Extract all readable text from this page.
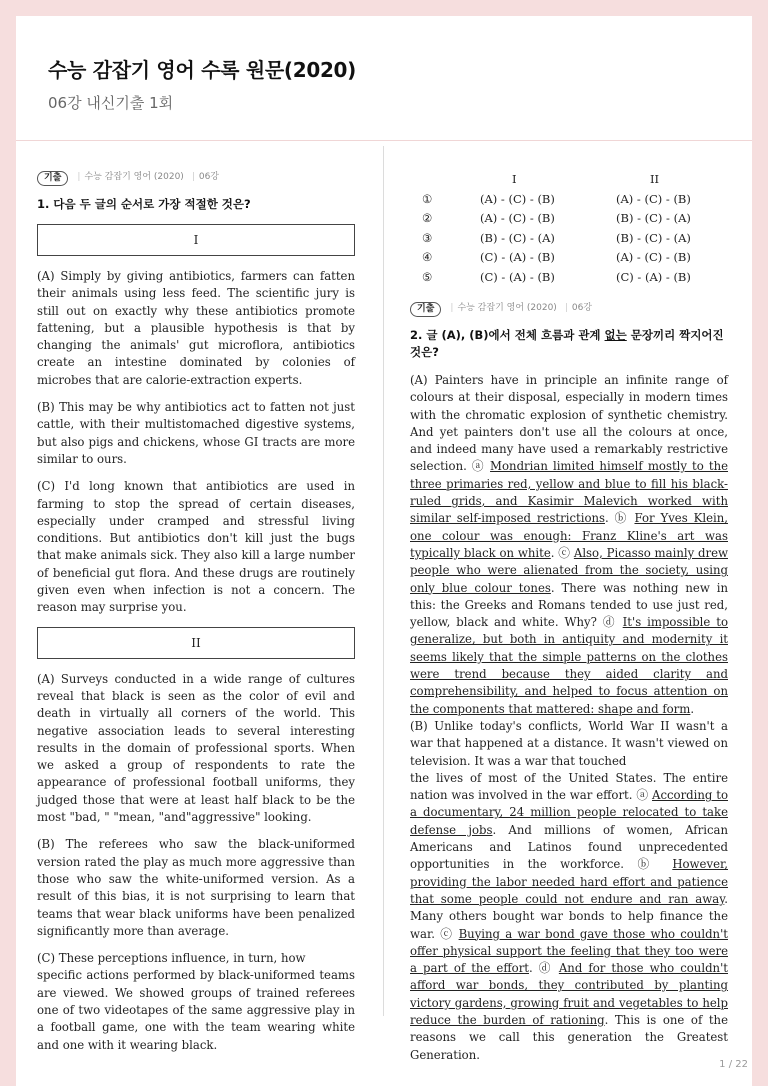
수능 감잡기 영어 수록 원문(2020)
06강 내신기출 1회
기출	| 수능 감잡기 영어 (2020) | 06강
1. 다음 두 글의 순서로 가장 적절한 것은?
I

(A) Simply by giving antibiotics, farmers can fatten their animals using less feed. The scientific jury is still out on exactly why these antibiotics promote fattening, but a plausible hypothesis is that by changing the animals' gut microflora, antibiotics create an intestine dominated by colonies of microbes that are calorie-extraction experts.

(B) This may be why antibiotics act to fatten not just cattle, with their multistomached digestive systems, but also pigs and chickens, whose GI tracts are more similar to ours.

(C) I'd long known that antibiotics are used in farming to stop the spread of certain diseases, especially under cramped and stressful living conditions. But antibiotics don't kill just the bugs that make animals sick. They also kill a large number of beneficial gut flora. And these drugs are routinely given even when infection is not a concern. The reason may surprise you.

II

(A) Surveys conducted in a wide range of cultures reveal that black is seen as the color of evil and death in virtually all corners of the world. This negative association leads to several interesting results in the domain of professional sports. When we asked a group of respondents to rate the appearance of professional football uniforms, they judged those that were at least half black to be the most "bad, " "mean, "and"aggressive" looking.

(B) The referees who saw the black-uniformed version rated the play as much more aggressive than those who saw the white-uniformed version. As a result of this bias, it is not surprising to learn that teams that wear black uniforms have been penalized significantly more than average.

(C) These perceptions influence, in turn, how

specific actions performed by black-uniformed teams are viewed. We showed groups of trained referees one of two videotapes of the same aggressive play in a football game, one with the team wearing white and one with it wearing black.

I	II
①	(A) - (C) - (B)	(A) - (C) - (B)
②	(A) - (C) - (B)	(B) - (C) - (A)
③	(B) - (C) - (A)	(B) - (C) - (A)
④	(C) - (A) - (B)	(A) - (C) - (B)
⑤	(C) - (A) - (B)	(C) - (A) - (B)
기출	| 수능 감잡기 영어 (2020) | 06강
2. 글 (A), (B)에서 전체 흐름과 관계 없는 문장끼리 짝지어진 것은?

(A) Painters have in principle an infinite range of colours at their disposal, especially in modern times with the chromatic explosion of synthetic chemistry. And yet painters don't use all the colours at once, and indeed many have used a remarkably restrictive selection. ⓐ Mondrian limited himself mostly to the three primaries red, yellow and blue to fill his black-ruled grids, and Kasimir Malevich worked with similar self-imposed restrictions. ⓑ For Yves Klein, one colour was enough: Franz Kline's art was typically black on white. ⓒ Also, Picasso mainly drew people who were alienated from the society, using only blue colour tones. There was nothing new in this: the Greeks and Romans tended to use just red, yellow, black and white. Why? ⓓ It's impossible to generalize, but both in antiquity and modernity it seems likely that the simple patterns on the clothes were trend because they aided clarity and comprehensibility, and helped to focus attention on the components that mattered: shape and form.

(B) Unlike today's conflicts, World War II wasn't a war that happened at a distance. It wasn't viewed on television. It was a war that touched

the lives of most of the United States. The entire nation was involved in the war effort. ⓐ According to a documentary, 24 million people relocated to take defense jobs. And millions of women, African Americans and Latinos found unprecedented opportunities in the workforce. ⓑ However, providing the labor needed hard effort and patience that some people could not endure and ran away. Many others bought war bonds to help finance the war. ⓒ Buying a war bond gave those who couldn't offer physical support the feeling that they too were a part of the effort. ⓓ And for those who couldn't afford war bonds, they contributed by planting victory gardens, growing fruit and vegetables to help reduce the burden of rationing. This is one of the reasons we call this generation the Greatest Generation.

1 / 22
